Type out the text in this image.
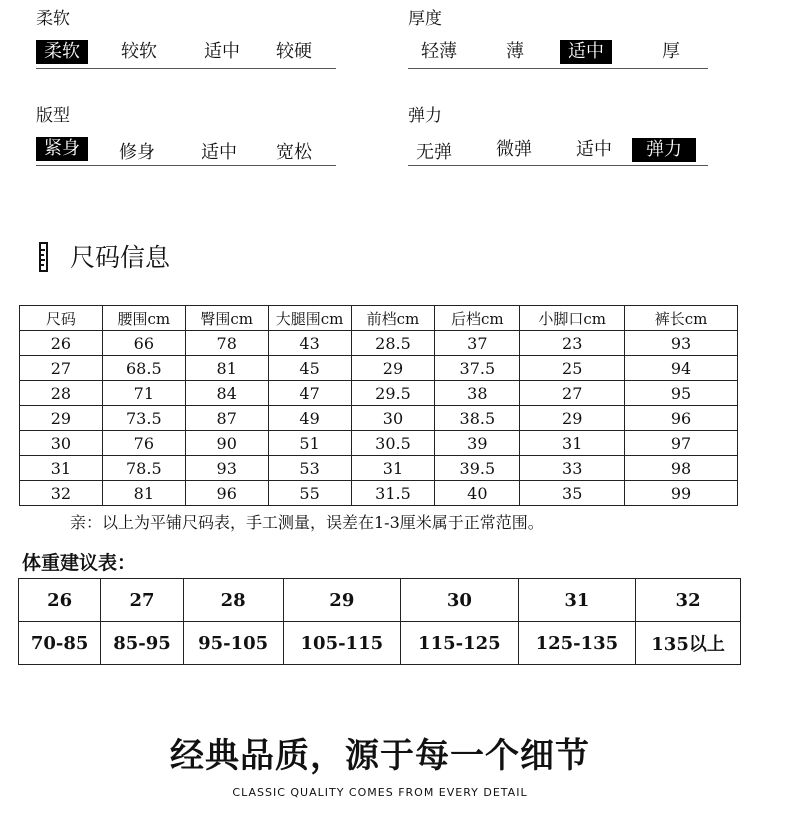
柔软
柔软	较软	适中	较硬
厚度
轻薄	薄	适中	厚
版型
紧身	修身	适中	宽松
弹力
无弹	微弹	适中	弹力
尺码信息
尺码	腰围cm	臀围cm	大腿围cm	前档cm	后档cm	小脚口cm	裤长cm
26	66	78	43	28.5	37	23	93
27	68.5	81	45	29	37.5	25	94
28	71	84	47	29.5	38	27	95
29	73.5	87	49	30	38.5	29	96
30	76	90	51	30.5	39	31	97
31	78.5	93	53	31	39.5	33	98
32	81	96	55	31.5	40	35	99
亲：以上为平铺尺码表，手工测量，误差在1-3厘米属于正常范围。
体重建议表：
26	27	28	29	30	31	32
70-85	85-95	95-105	105-115	115-125	125-135	135以上
经典品质，源于每一个细节
CLASSIC QUALITY COMES FROM EVERY DETAIL
